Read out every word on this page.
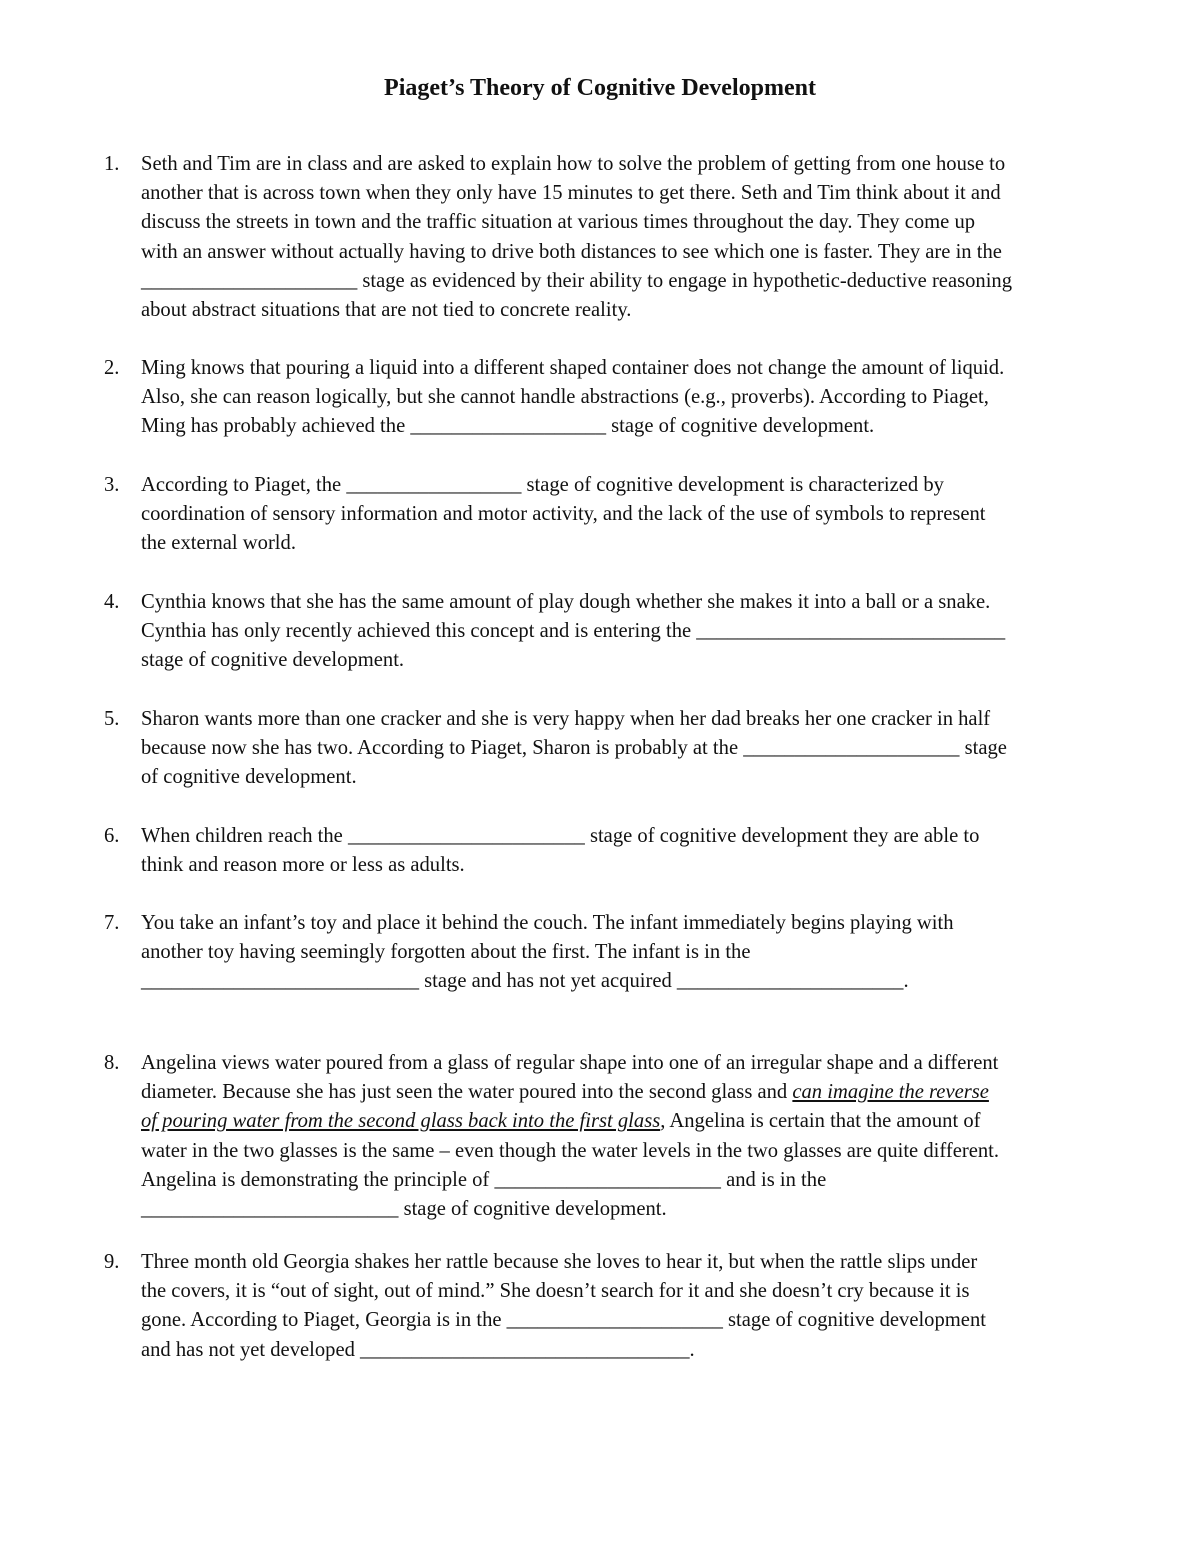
Piaget’s Theory of Cognitive Development
1.	Seth and Tim are in class and are asked to explain how to solve the problem of getting from one house to
another that is across town when they only have 15 minutes to get there. Seth and Tim think about it and
discuss the streets in town and the traffic situation at various times throughout the day. They come up
with an answer without actually having to drive both distances to see which one is faster. They are in the
_____________________ stage as evidenced by their ability to engage in hypothetic-deductive reasoning
about abstract situations that are not tied to concrete reality.
2.	Ming knows that pouring a liquid into a different shaped container does not change the amount of liquid.
Also, she can reason logically, but she cannot handle abstractions (e.g., proverbs). According to Piaget,
Ming has probably achieved the ___________________ stage of cognitive development.
3.	According to Piaget, the _________________ stage of cognitive development is characterized by
coordination of sensory information and motor activity, and the lack of the use of symbols to represent
the external world.
4.	Cynthia knows that she has the same amount of play dough whether she makes it into a ball or a snake.
Cynthia has only recently achieved this concept and is entering the ______________________________
stage of cognitive development.
5.	Sharon wants more than one cracker and she is very happy when her dad breaks her one cracker in half
because now she has two. According to Piaget, Sharon is probably at the _____________________ stage
of cognitive development.
6.	When children reach the _______________________ stage of cognitive development they are able to
think and reason more or less as adults.
7.	You take an infant’s toy and place it behind the couch. The infant immediately begins playing with
another toy having seemingly forgotten about the first. The infant is in the
___________________________ stage and has not yet acquired ______________________.
8.	Angelina views water poured from a glass of regular shape into one of an irregular shape and a different
diameter. Because she has just seen the water poured into the second glass and can imagine the reverse
of pouring water from the second glass back into the first glass, Angelina is certain that the amount of
water in the two glasses is the same – even though the water levels in the two glasses are quite different.
Angelina is demonstrating the principle of ______________________ and is in the
_________________________ stage of cognitive development.
9.	Three month old Georgia shakes her rattle because she loves to hear it, but when the rattle slips under
the covers, it is “out of sight, out of mind.” She doesn’t search for it and she doesn’t cry because it is
gone. According to Piaget, Georgia is in the _____________________ stage of cognitive development
and has not yet developed ________________________________.
